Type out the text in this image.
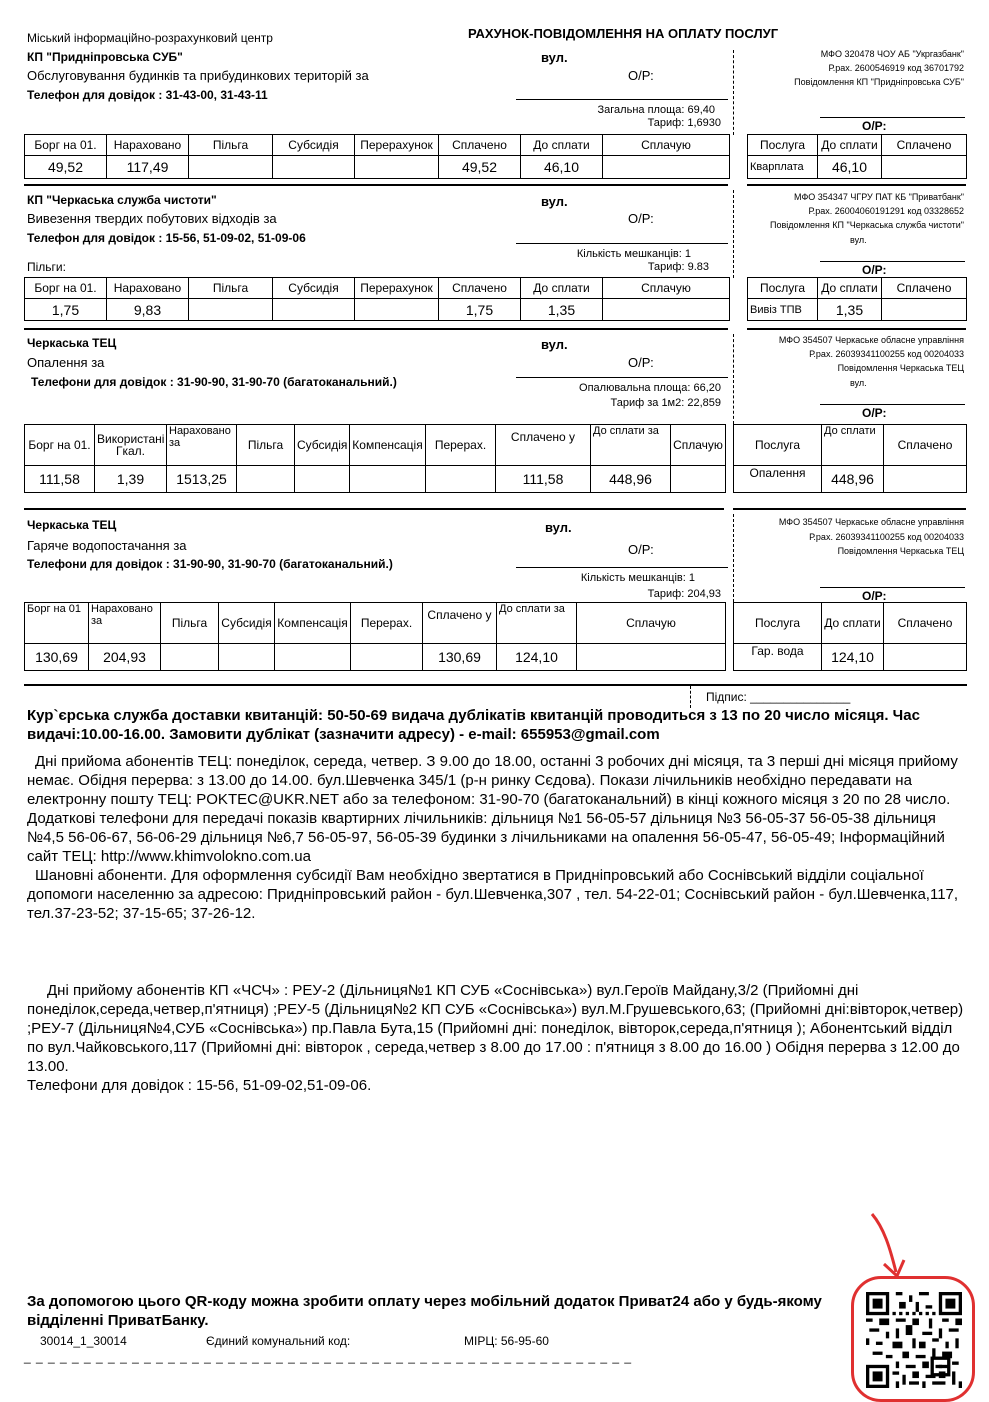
Міський інформаційно-розрахунковий центр	РАХУНОК-ПОВІДОМЛЕННЯ НА ОПЛАТУ ПОСЛУГ
КП "Придніпровська СУБ"
Обслуговування будинків та прибудинкових територій за
Телефон для довідок : 31-43-00, 31-43-11
вул.
О/Р:
Загальна площа: 69,40
Тариф: 1,6930
МФО 320478 ЧОУ АБ "Укргазбанк"
Р.рах. 2600546919 код 36701792
Повідомлення КП "Придніпровська СУБ"
О/Р:
Борг на 01.	Нараховано	Пільга	Субсидія	Перерахунок	Сплачено	До сплати	Сплачую
49,52	117,49				49,52	46,10	
Послуга	До сплати	Сплачено
Кварплата	46,10	
КП "Черкаська служба чистоти"
Вивезення твердих побутових відходів за
Телефон для довідок : 15-56, 51-09-02, 51-09-06
Пільги:
вул.
О/Р:
Кількість мешканців: 1
Тариф: 9.83
МФО 354347 ЧГРУ ПАТ КБ "Приватбанк"
Р.рах. 26004060191291 код 03328652
Повідомлення КП "Черкаська служба чистоти"
вул.
О/Р:
Борг на 01.	Нараховано	Пільга	Субсидія	Перерахунок	Сплачено	До сплати	Сплачую
1,75	9,83				1,75	1,35	
Послуга	До сплати	Сплачено
Вивіз ТПВ	1,35	
Черкаська ТЕЦ
Опалення за
Телефони для довідок : 31-90-90, 31-90-70 (багатоканальний.)
вул.
О/Р:
Опалювальна площа: 66,20
Тариф за 1м2: 22,859
МФО 354507 Черкаське обласне управління
Р.рах. 26039341100255 код 00204033
Повідомлення Черкаська ТЕЦ
вул.
О/Р:
Борг на 01.	Використані Гкал.	Нараховано за	Пільга	Субсидія	Компенсація	Перерах.	Сплачено у	До сплати за	Сплачую
111,58	1,39	1513,25					111,58	448,96	
Послуга	До сплати	Сплачено
Опалення	448,96	
Черкаська ТЕЦ
Гаряче водопостачання за
Телефони для довідок : 31-90-90, 31-90-70 (багатоканальний.)
вул.
О/Р:
Кількість мешканців: 1
Тариф: 204,93
МФО 354507 Черкаське обласне управління
Р.рах. 26039341100255 код 00204033
Повідомлення Черкаська ТЕЦ
О/Р:
Борг на 01	Нараховано за	Пільга	Субсидія	Компенсація	Перерах.	Сплачено у	До сплати за	Сплачую
130,69	204,93					130,69	124,10	
Послуга	До сплати	Сплачено
Гар. вода	124,10	
Підпис: _______________
Кур`єрська служба доставки квитанцій: 50-50-69 видача дублікатів квитанцій проводиться з 13 по 20 число місяця. Час видачі:10.00-16.00. Замовити дублікат (зазначити адресу) - e-mail: 655953@gmail.com
Дні прийома абонентів ТЕЦ: понеділок, середа, четвер. З 9.00 до 18.00, останні 3 робочих дні місяця, та 3 перші дні місяця прийому немає. Обідня перерва: з 13.00 до 14.00. бул.Шевченка 345/1 (р-н ринку Сєдова). Покази лічильників необхідно передавати на електронну пошту ТЕЦ: POKTEC@UKR.NET або за телефоном: 31-90-70 (багатоканальний) в кінці кожного місяця з 20 по 28 число. Додаткові телефони для передачі показів квартирних лічильників: дільниця №1 56-05-57 дільниця №3 56-05-37 56-05-38 дільниця №4,5 56-06-67, 56-06-29 дільниця №6,7 56-05-97, 56-05-39 будинки з лічильниками на опалення 56-05-47, 56-05-49; Інформаційний сайт ТЕЦ: http://www.khimvolokno.com.ua
Шановні абоненти. Для оформлення субсидії Вам необхідно звертатися в Придніпровський або Соснівський відділи соціальної допомоги населенню за адресою: Придніпровський район - бул.Шевченка,307 , тел. 54-22-01; Соснівський район - бул.Шевченка,117, тел.37-23-52; 37-15-65; 37-26-12.
Дні прийому абонентів КП «ЧСЧ» : РЕУ-2 (Дільниця№1 КП СУБ «Соснівська») вул.Героїв Майдану,3/2 (Прийомні дні понеділок,середа,четвер,п'ятниця) ;РЕУ-5 (Дільниця№2 КП СУБ «Соснівська») вул.М.Грушевського,63; (Прийомні дні:вівторок,четвер) ;РЕУ-7 (Дільниця№4,СУБ «Соснівська») пр.Павла Бута,15 (Прийомні дні: понеділок, вівторок,середа,п'ятниця ); Абонентський відділ по вул.Чайковського,117 (Прийомні дні: вівторок , середа,четвер з 8.00 до 17.00 : п'ятниця з 8.00 до 16.00 ) Обідня перерва з 12.00 до 13.00.
Телефони для довідок : 15-56, 51-09-02,51-09-06.
За допомогою цього QR-коду можна зробити оплату через мобільний додаток Приват24 або у будь-якому відділенні ПриватБанку.
30014_1_30014	Єдиний комунальний код:	МІРЦ: 56-95-60
_ _ _ _ _ _ _ _ _ _ _ _ _ _ _ _ _ _ _ _ _ _ _ _ _ _ _ _ _ _ _ _ _ _ _ _ _ _ _ _ _ _ _ _ _ _ _ _ _ _ _
